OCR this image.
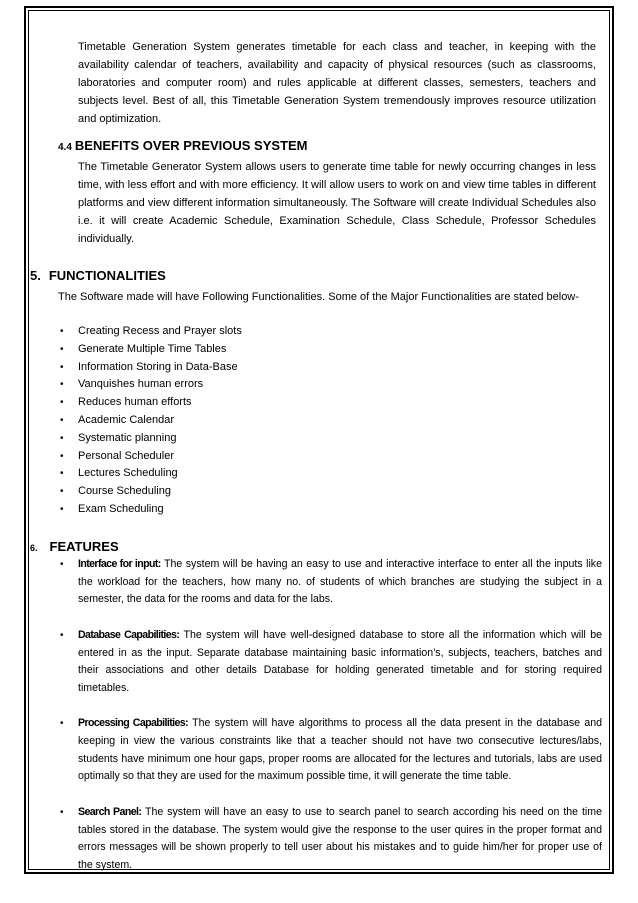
Timetable Generation System generates timetable for each class and teacher, in keeping with the availability calendar of teachers, availability and capacity of physical resources (such as classrooms, laboratories and computer room) and rules applicable at different classes, semesters, teachers and subjects level. Best of all, this Timetable Generation System tremendously improves resource utilization and optimization.

4.4 BENEFITS OVER PREVIOUS SYSTEM

The Timetable Generator System allows users to generate time table for newly occurring changes in less time, with less effort and with more efficiency. It will allow users to work on and view time tables in different platforms and view different information simultaneously. The Software will create Individual Schedules also i.e. it will create Academic Schedule, Examination Schedule, Class Schedule, Professor Schedules individually.

5. FUNCTIONALITIES

The Software made will have Following Functionalities. Some of the Major Functionalities are stated below-

• Creating Recess and Prayer slots
• Generate Multiple Time Tables
• Information Storing in Data-Base
• Vanquishes human errors
• Reduces human efforts
• Academic Calendar
• Systematic planning
• Personal Scheduler
• Lectures Scheduling
• Course Scheduling
• Exam Scheduling
6. FEATURES
• Interface for input: The system will be having an easy to use and interactive interface to enter all the inputs like the workload for the teachers, how many no. of students of which branches are studying the subject in a semester, the data for the rooms and data for the labs.
• Database Capabilities: The system will have well-designed database to store all the information which will be entered in as the input. Separate database maintaining basic information’s, subjects, teachers, batches and their associations and other details Database for holding generated timetable and for storing required timetables.
• Processing Capabilities: The system will have algorithms to process all the data present in the database and keeping in view the various constraints like that a teacher should not have two consecutive lectures/labs, students have minimum one hour gaps, proper rooms are allocated for the lectures and tutorials, labs are used optimally so that they are used for the maximum possible time, it will generate the time table.
• Search Panel: The system will have an easy to use to search panel to search according his need on the time tables stored in the database. The system would give the response to the user quires in the proper format and errors messages will be shown properly to tell user about his mistakes and to guide him/her for proper use of the system.
